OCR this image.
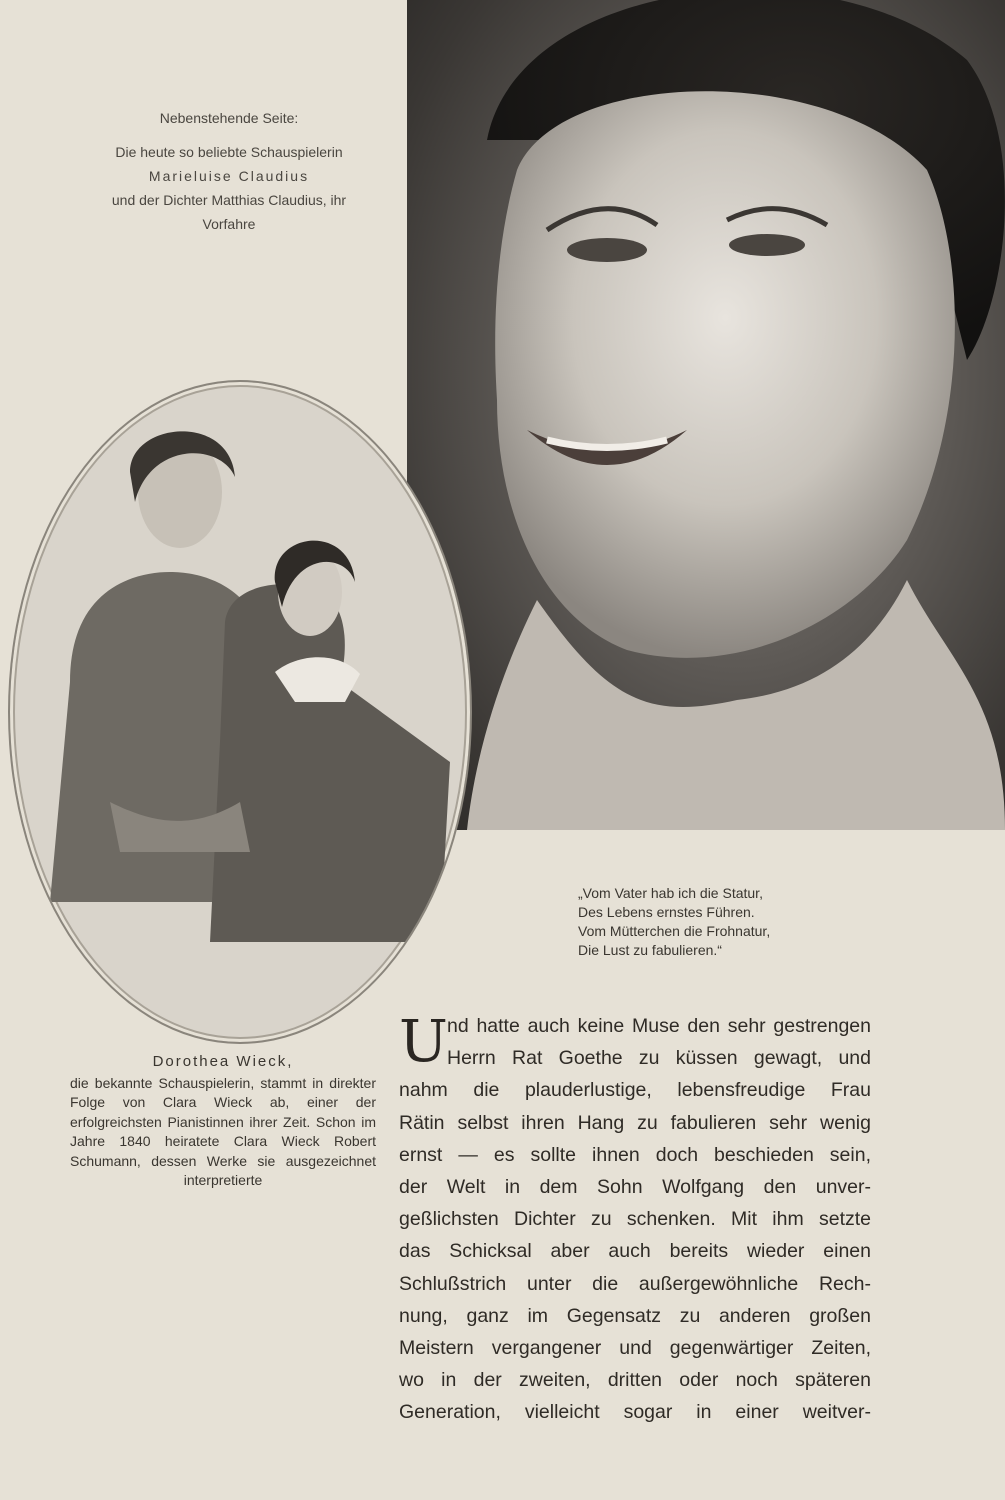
Nebenstehende Seite:
Die heute so beliebte Schauspielerin
Marieluise Claudius
und der Dichter Matthias Claudius, ihr
Vorfahre
Dorothea Wieck,
die bekannte Schauspielerin, stammt in direkter Folge von Clara Wieck ab, einer der erfolgreichsten Pianistinnen ihrer Zeit. Schon im Jahre 1840 heiratete Clara Wieck Robert Schumann, dessen Werke sie ausgezeichnet interpretierte
„Vom Vater hab ich die Statur,
Des Lebens ernstes Führen.
Vom Mütterchen die Frohnatur,
Die Lust zu fabulieren.“
U nd hatte auch keine Muse den sehr gestrengen
Herrn Rat Goethe zu küssen gewagt, und
nahm die plauderlustige, lebensfreudige Frau
Rätin selbst ihren Hang zu fabulieren sehr wenig
ernst — es sollte ihnen doch beschieden sein,
der Welt in dem Sohn Wolfgang den unver-
geßlichsten Dichter zu schenken. Mit ihm setzte
das Schicksal aber auch bereits wieder einen
Schlußstrich unter die außergewöhnliche Rech-
nung, ganz im Gegensatz zu anderen großen
Meistern vergangener und gegenwärtiger Zeiten,
wo in der zweiten, dritten oder noch späteren
Generation, vielleicht sogar in einer weitver-
